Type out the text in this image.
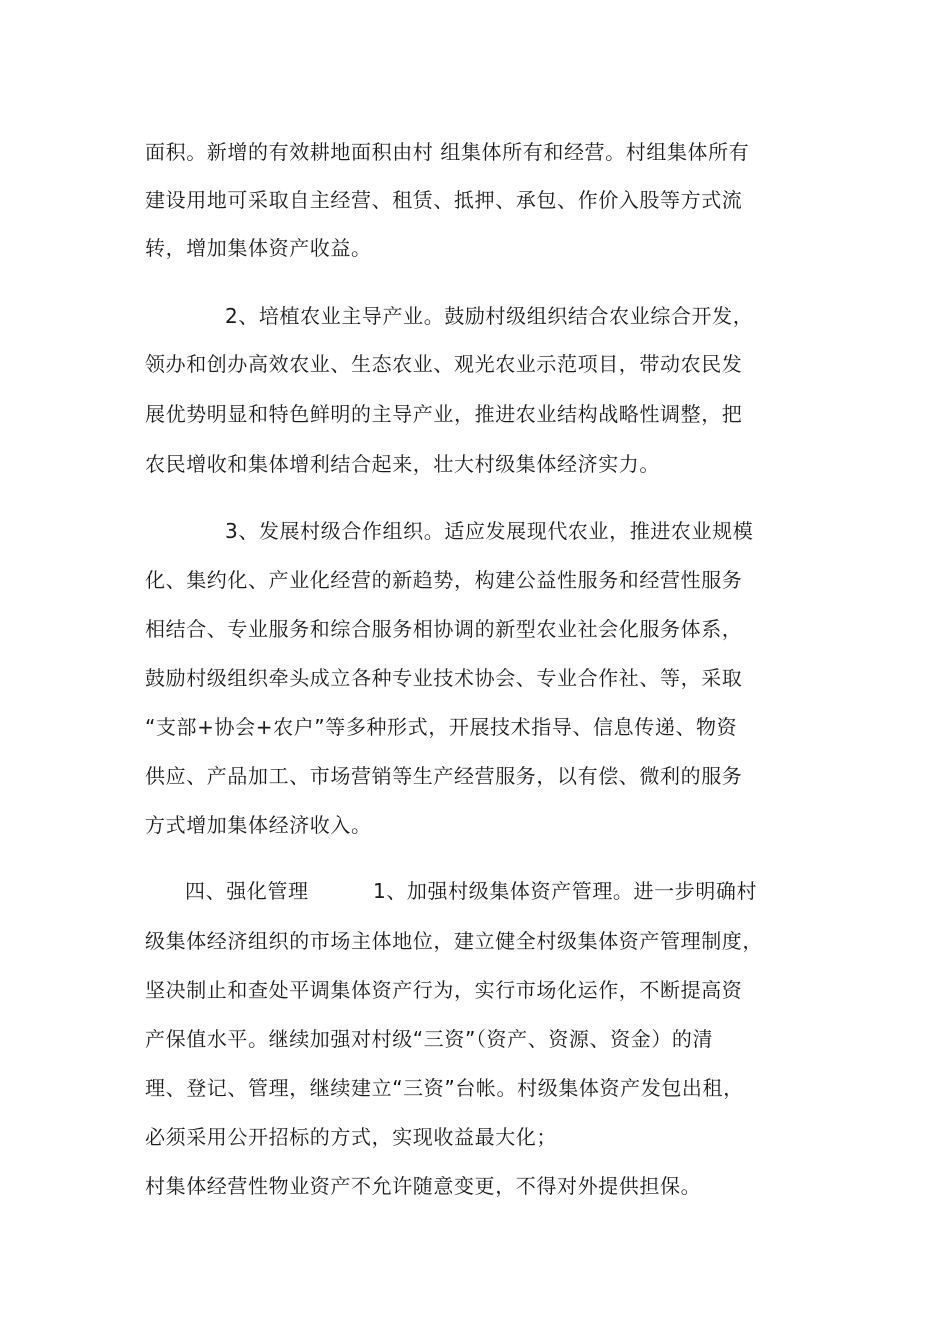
面积。新增的有效耕地面积由村 组集体所有和经营。村组集体所有
建设用地可采取自主经营、租赁、抵押、承包、作价入股等方式流
转，增加集体资产收益。
2、培植农业主导产业。鼓励村级组织结合农业综合开发，
领办和创办高效农业、生态农业、观光农业示范项目，带动农民发
展优势明显和特色鲜明的主导产业，推进农业结构战略性调整，把
农民增收和集体增利结合起来，壮大村级集体经济实力。
3、发展村级合作组织。适应发展现代农业，推进农业规模
化、集约化、产业化经营的新趋势，构建公益性服务和经营性服务
相结合、专业服务和综合服务相协调的新型农业社会化服务体系，
鼓励村级组织牵头成立各种专业技术协会、专业合作社、等，采取
“支部+协会+农户”等多种形式，开展技术指导、信息传递、物资
供应、产品加工、市场营销等生产经营服务，以有偿、微利的服务
方式增加集体经济收入。
四、强化管理	1、加强村级集体资产管理。进一步明确村
级集体经济组织的市场主体地位，建立健全村级集体资产管理制度，
坚决制止和查处平调集体资产行为，实行市场化运作，不断提高资
产保值水平。继续加强对村级“三资”（资产、资源、资金）的清
理、登记、管理，继续建立“三资”台帐。村级集体资产发包出租，
必须采用公开招标的方式，实现收益最大化；
村集体经营性物业资产不允许随意变更，不得对外提供担保。
